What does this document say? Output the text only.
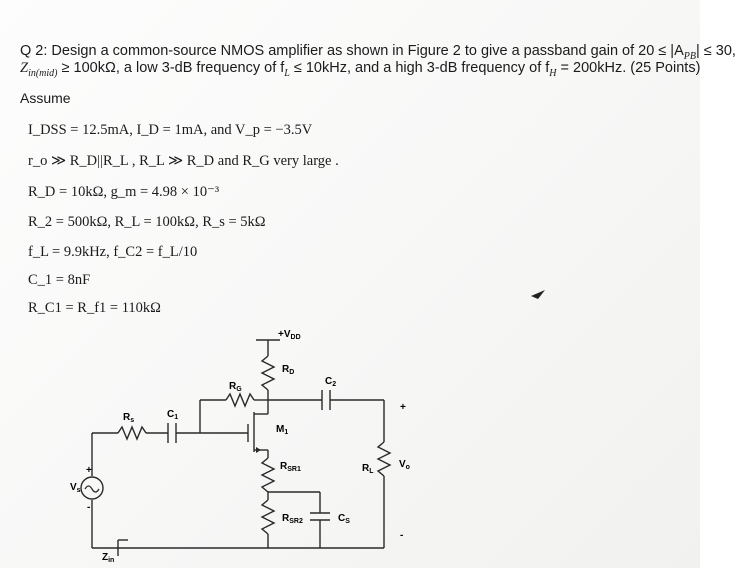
Q 2: Design a common-source NMOS amplifier as shown in Figure 2 to give a passband gain of $20 \le |A_{PB}| \le 30$,
$Z_{in(mid)} \ge 100k\Omega$, a low 3-dB frequency of $f_L \le 10kHz$, and a high 3-dB frequency of $f_H = 200kHz$. (25 Points)
Assume
I_DSS = 12.5mA, I_D = 1mA, and V_p = −3.5V
r_o ≫ R_D||R_L , R_L ≫ R_D and R_G very large .
R_D = 10kΩ, g_m = 4.98 × 10⁻³
R_2 = 500kΩ, R_L = 100kΩ, R_s = 5kΩ
f_L = 9.9kHz, f_C2 = f_L/10
C_1 = 8nF
R_C1 = R_f1 = 110kΩ
$+V_{DD}$
$R_D$
$R_G$
$C_2$
+
$R_s$
$C_1$
$M_1$
$R_{SR1}$	$R_L$
$V_o$
+
$V_s$
-
$R_{SR2}$	$C_S$
-
$Z_{in}$
